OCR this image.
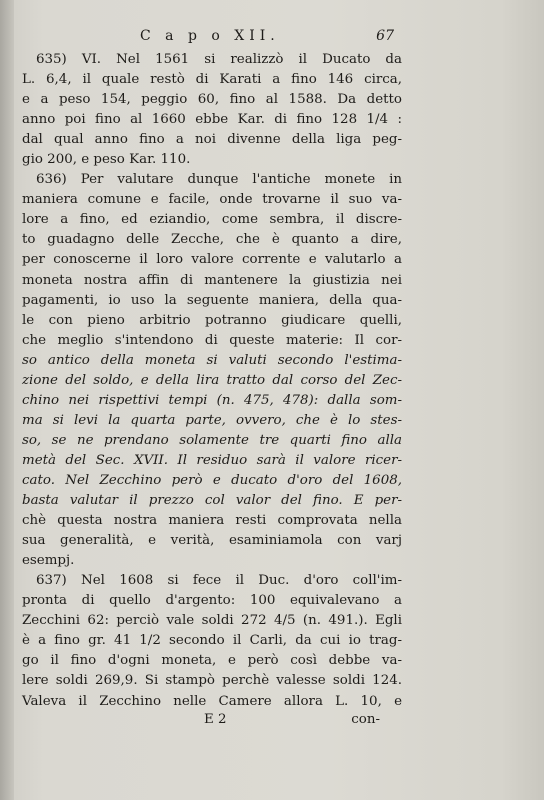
C a p o XII.	67
635) VI. Nel 1561 si realizzò il Ducato da
L. 6,4, il quale restò di Karati a fino 146 circa,
e a peso 154, peggio 60, fino al 1588. Da detto
anno poi fino al 1660 ebbe Kar. di fino 128 1/4 :
dal qual anno fino a noi divenne della liga peg-
gio 200, e peso Kar. 110.
636) Per valutare dunque l'antiche monete in
maniera comune e facile, onde trovarne il suo va-
lore a fino, ed eziandio, come sembra, il discre-
to guadagno delle Zecche, che è quanto a dire,
per conoscerne il loro valore corrente e valutarlo a
moneta nostra affin di mantenere la giustizia nei
pagamenti, io uso la seguente maniera, della qua-
le con pieno arbitrio potranno giudicare quelli,
che meglio s'intendono di queste materie: Il cor-
so antico della moneta si valuti secondo l'estima-
zione del soldo, e della lira tratto dal corso del Zec-
chino nei rispettivi tempi (n. 475, 478): dalla som-
ma si levi la quarta parte, ovvero, che è lo stes-
so, se ne prendano solamente tre quarti fino alla
metà del Sec. XVII. Il residuo sarà il valore ricer-
cato. Nel Zecchino però e ducato d'oro del 1608,
basta valutar il prezzo col valor del fino. E per-
chè questa nostra maniera resti comprovata nella
sua generalità, e verità, esaminiamola con varj
esempj.
637) Nel 1608 si fece il Duc. d'oro coll'im-
pronta di quello d'argento: 100 equivalevano a
Zecchini 62: perciò vale soldi 272 4/5 (n. 491.). Egli
è a fino gr. 41 1/2 secondo il Carli, da cui io trag-
go il fino d'ogni moneta, e però così debbe va-
lere soldi 269,9. Si stampò perchè valesse soldi 124.
Valeva il Zecchino nelle Camere allora L. 10, e
E 2	con-
